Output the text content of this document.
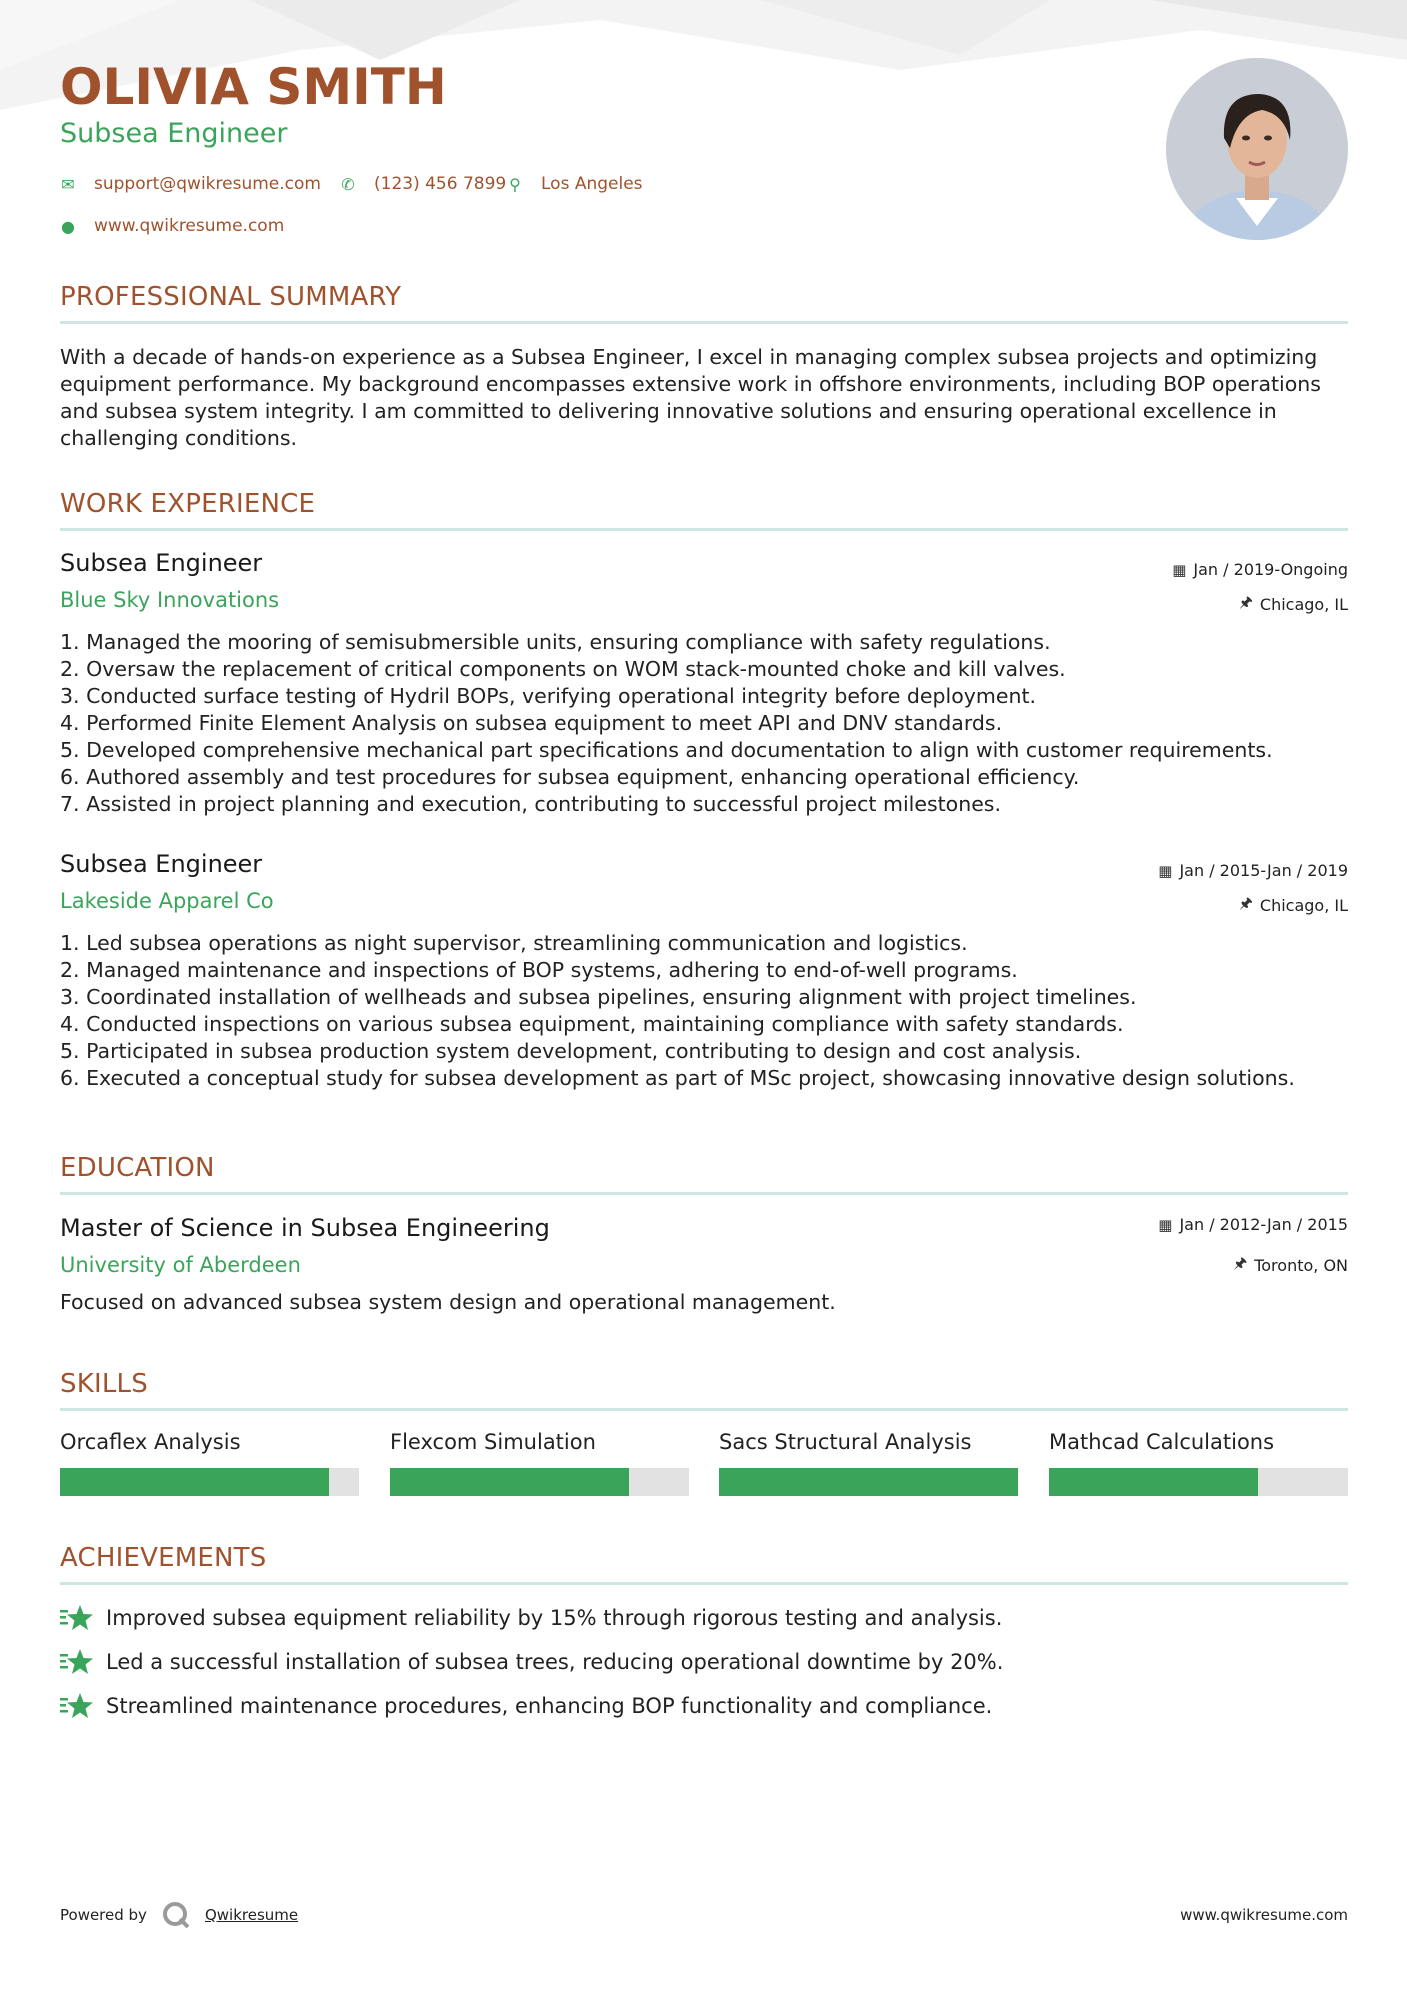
OLIVIA SMITH
Subsea Engineer
✉ support@qwikresume.com ✆ (123) 456 7899 ⚲ Los Angeles
● www.qwikresume.com
PROFESSIONAL SUMMARY
With a decade of hands-on experience as a Subsea Engineer, I excel in managing complex subsea projects and optimizing equipment performance. My background encompasses extensive work in offshore environments, including BOP operations and subsea system integrity. I am committed to delivering innovative solutions and ensuring operational excellence in challenging conditions.
WORK EXPERIENCE
Subsea Engineer
Blue Sky Innovations
▦ Jan / 2019-Ongoing
🖈 Chicago, IL
1. Managed the mooring of semisubmersible units, ensuring compliance with safety regulations.
2. Oversaw the replacement of critical components on WOM stack-mounted choke and kill valves.
3. Conducted surface testing of Hydril BOPs, verifying operational integrity before deployment.
4. Performed Finite Element Analysis on subsea equipment to meet API and DNV standards.
5. Developed comprehensive mechanical part specifications and documentation to align with customer requirements.
6. Authored assembly and test procedures for subsea equipment, enhancing operational efficiency.
7. Assisted in project planning and execution, contributing to successful project milestones.
Subsea Engineer
Lakeside Apparel Co
▦ Jan / 2015-Jan / 2019
🖈 Chicago, IL
1. Led subsea operations as night supervisor, streamlining communication and logistics.
2. Managed maintenance and inspections of BOP systems, adhering to end-of-well programs.
3. Coordinated installation of wellheads and subsea pipelines, ensuring alignment with project timelines.
4. Conducted inspections on various subsea equipment, maintaining compliance with safety standards.
5. Participated in subsea production system development, contributing to design and cost analysis.
6. Executed a conceptual study for subsea development as part of MSc project, showcasing innovative design solutions.
EDUCATION
Master of Science in Subsea Engineering
University of Aberdeen
▦ Jan / 2012-Jan / 2015
🖈 Toronto, ON
Focused on advanced subsea system design and operational management.
SKILLS
Orcaflex Analysis	Flexcom Simulation	Sacs Structural Analysis	Mathcad Calculations
ACHIEVEMENTS
Improved subsea equipment reliability by 15% through rigorous testing and analysis.
Led a successful installation of subsea trees, reducing operational downtime by 20%.
Streamlined maintenance procedures, enhancing BOP functionality and compliance.
Powered by	Qwikresume	www.qwikresume.com
